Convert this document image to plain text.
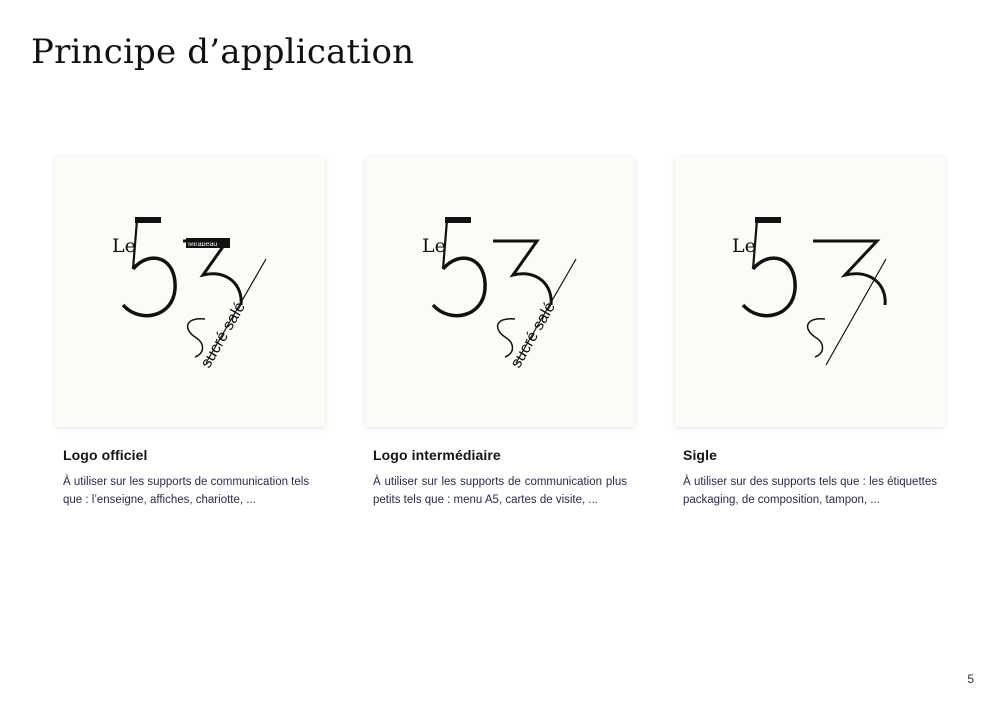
Principe d’application
Le	Mirabeau
sucré salé
Le
sucré salé
Le

Logo officiel

À utiliser sur les supports de communication tels que : l’enseigne, affiches, chariotte, ...

Logo intermédiaire

À utiliser sur les supports de communication plus petits tels que : menu A5, cartes de visite, ...

Sigle

À utiliser sur des supports tels que : les étiquettes packaging, de composition, tampon, ...

5
